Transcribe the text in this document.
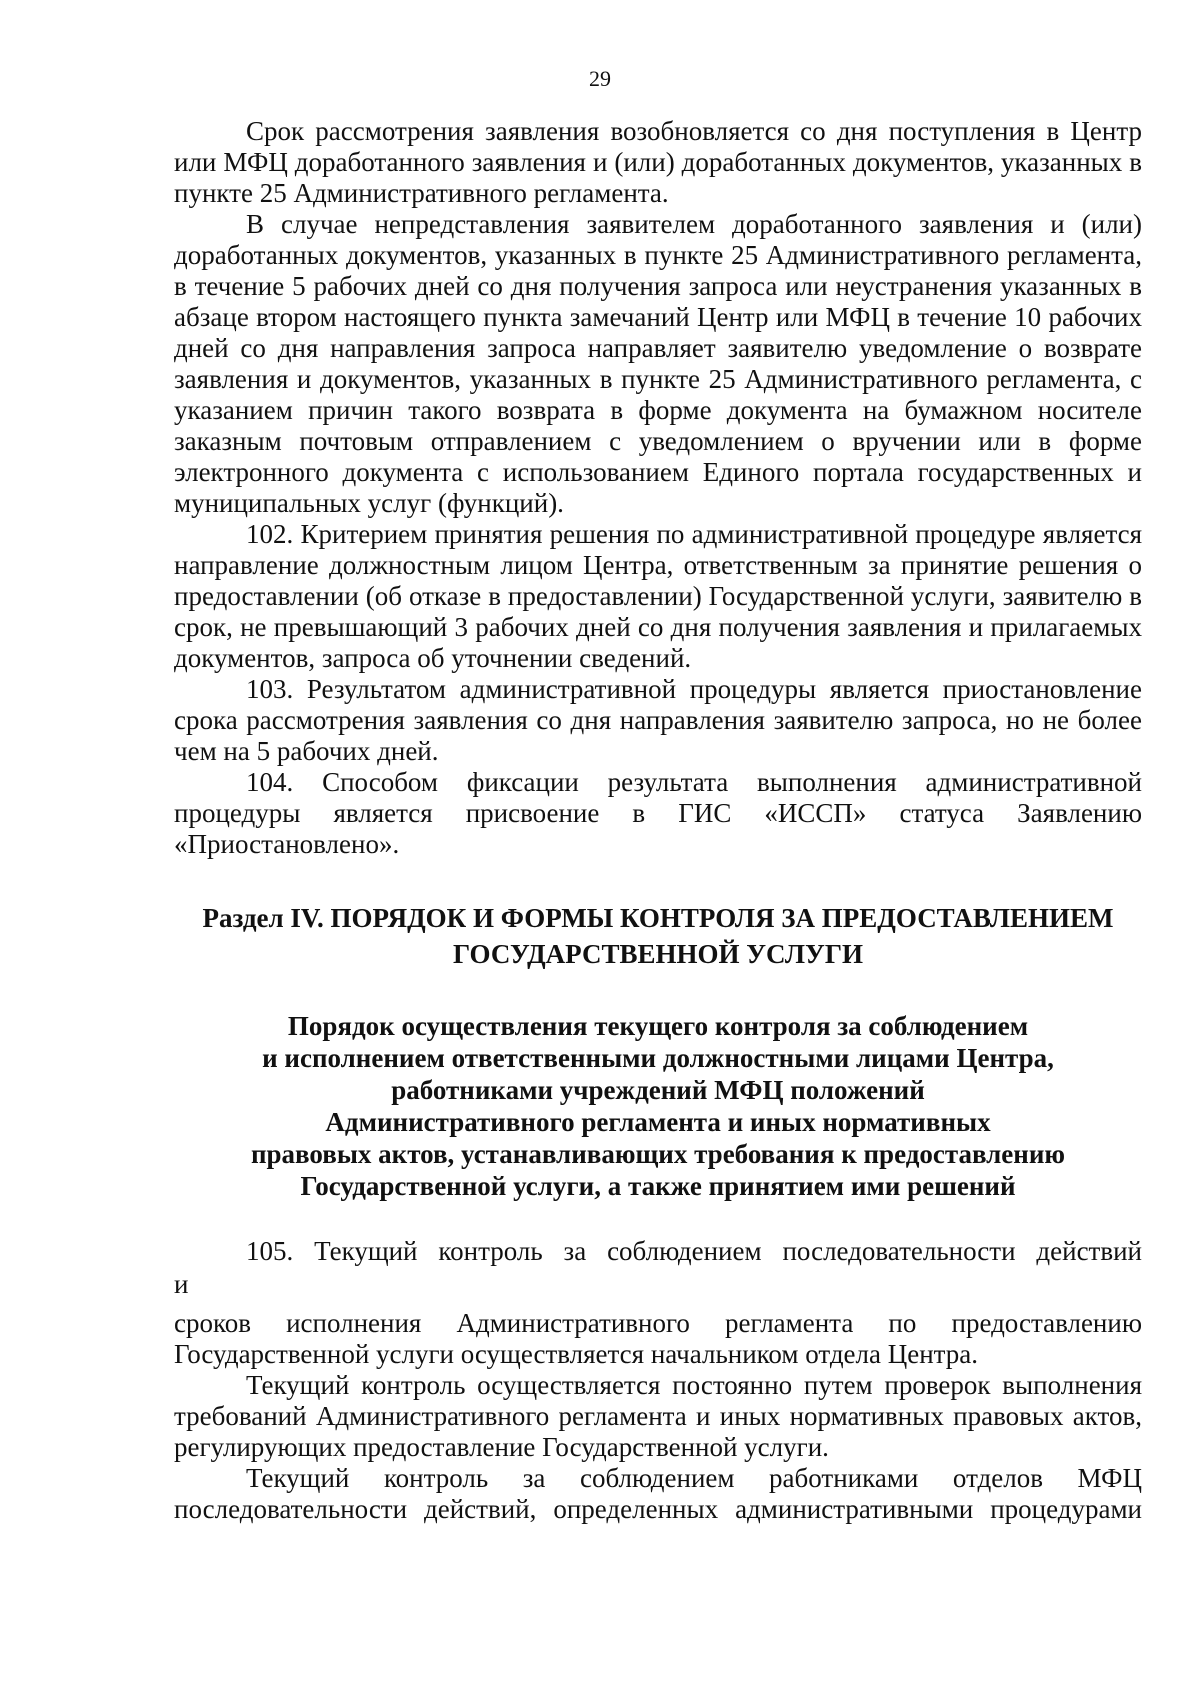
29

Срок рассмотрения заявления возобновляется со дня поступления в Центр или МФЦ доработанного заявления и (или) доработанных документов, указанных в пункте 25 Административного регламента.

В случае непредставления заявителем доработанного заявления и (или) доработанных документов, указанных в пункте 25 Административного регламента, в течение 5 рабочих дней со дня получения запроса или неустранения указанных в абзаце втором настоящего пункта замечаний Центр или МФЦ в течение 10 рабочих дней со дня направления запроса направляет заявителю уведомление о возврате заявления и документов, указанных в пункте 25 Административного регламента, с указанием причин такого возврата в форме документа на бумажном носителе заказным почтовым отправлением с уведомлением о вручении или в форме электронного документа с использованием Единого портала государственных и муниципальных услуг (функций).

102. Критерием принятия решения по административной процедуре является направление должностным лицом Центра, ответственным за принятие решения о предоставлении (об отказе в предоставлении) Государственной услуги, заявителю в срок, не превышающий 3 рабочих дней со дня получения заявления и прилагаемых документов, запроса об уточнении сведений.

103. Результатом административной процедуры является приостановление срока рассмотрения заявления со дня направления заявителю запроса, но не более чем на 5 рабочих дней.

104. Способом фиксации результата выполнения административной процедуры является присвоение в ГИС «ИССП» статуса Заявлению «Приостановлено».

Раздел IV. ПОРЯДОК И ФОРМЫ КОНТРОЛЯ ЗА ПРЕДОСТАВЛЕНИЕМ
ГОСУДАРСТВЕННОЙ УСЛУГИ
Порядок осуществления текущего контроля за соблюдением
и исполнением ответственными должностными лицами Центра,
работниками учреждений МФЦ положений
Административного регламента и иных нормативных
правовых актов, устанавливающих требования к предоставлению
Государственной услуги, а также принятием ими решений

105. Текущий контроль за соблюдением последовательности действий

и

сроков исполнения Административного регламента по предоставлению Государственной услуги осуществляется начальником отдела Центра.

Текущий контроль осуществляется постоянно путем проверок выполнения требований Административного регламента и иных нормативных правовых актов, регулирующих предоставление Государственной услуги.

Текущий контроль за соблюдением работниками отделов МФЦ последовательности действий, определенных административными процедурами
